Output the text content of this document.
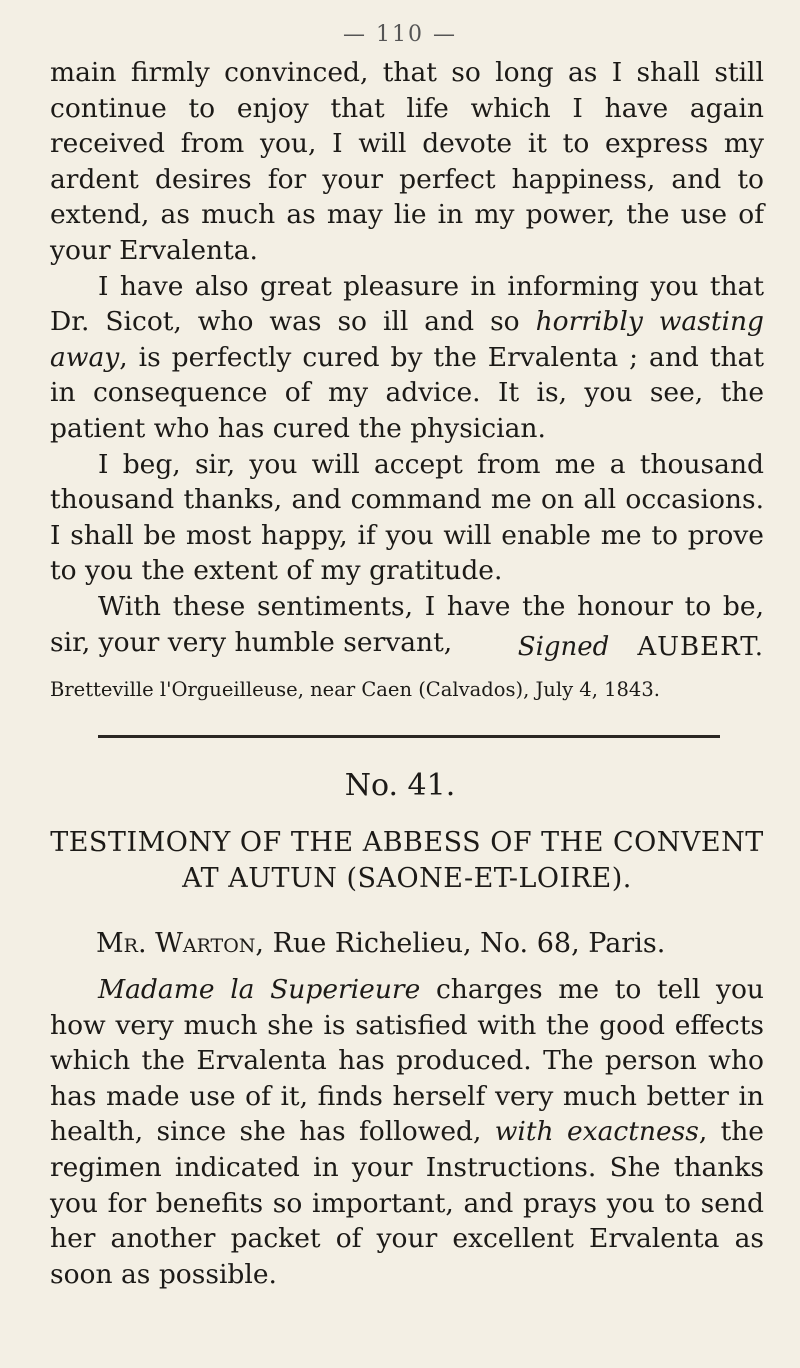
— 110 —

main firmly convinced, that so long as I shall still continue to enjoy that life which I have again received from you, I will devote it to express my ardent desires for your perfect happiness, and to extend, as much as may lie in my power, the use of your Ervalenta.

I have also great pleasure in informing you that Dr. Sicot, who was so ill and so horribly wasting away, is perfectly cured by the Ervalenta ; and that in consequence of my advice. It is, you see, the patient who has cured the physician.

I beg, sir, you will accept from me a thousand thousand thanks, and command me on all occasions. I shall be most happy, if you will enable me to prove to you the extent of my gratitude.

With these sentiments, I have the honour to be, sir, your very humble servant,	Signed AUBERT.
Bretteville l'Orgueilleuse, near Caen (Calvados), July 4, 1843.
No. 41.
TESTIMONY OF THE ABBESS OF THE CONVENT
AT AUTUN (SAONE-ET-LOIRE).
Mr. Warton, Rue Richelieu, No. 68, Paris.

Madame la Superieure charges me to tell you how very much she is satisfied with the good effects which the Ervalenta has produced. The person who has made use of it, finds herself very much better in health, since she has followed, with exactness, the regimen indicated in your Instructions. She thanks you for benefits so important, and prays you to send her another packet of your excellent Ervalenta as soon as possible.
